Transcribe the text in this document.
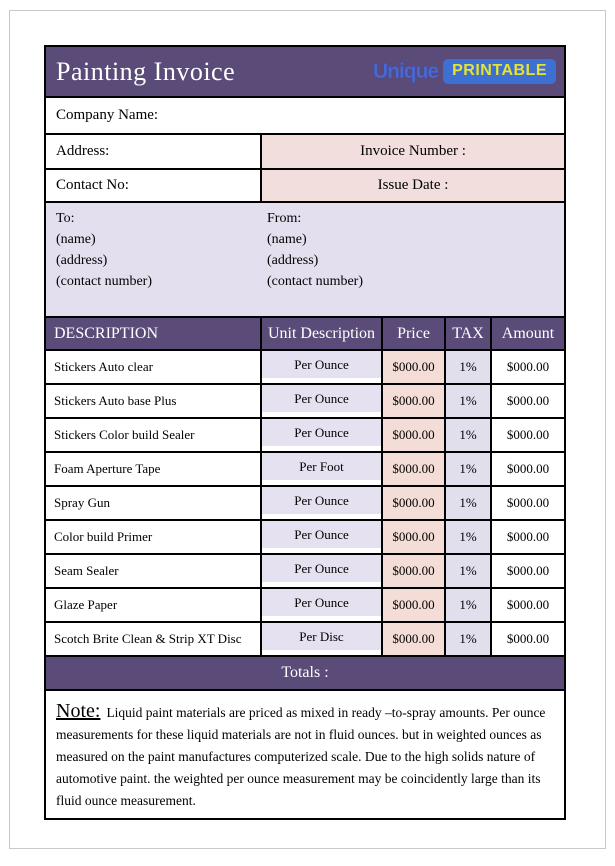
Painting Invoice	Unique PRINTABLE
Company Name:
Address:	Invoice Number :
Contact No:	Issue Date :
To:
(name)
(address)
(contact number)
From:
(name)
(address)
(contact number)
DESCRIPTION	Unit Description	Price	TAX	Amount
Stickers Auto clear	Per Ounce	$000.00	1%	$000.00
Stickers Auto base Plus	Per Ounce	$000.00	1%	$000.00
Stickers Color build Sealer	Per Ounce	$000.00	1%	$000.00
Foam Aperture Tape	Per Foot	$000.00	1%	$000.00
Spray Gun	Per Ounce	$000.00	1%	$000.00
Color build Primer	Per Ounce	$000.00	1%	$000.00
Seam Sealer	Per Ounce	$000.00	1%	$000.00
Glaze Paper	Per Ounce	$000.00	1%	$000.00
Scotch Brite Clean & Strip XT Disc	Per Disc	$000.00	1%	$000.00
Totals :
Note: Liquid paint materials are priced as mixed in ready –to-spray amounts. Per ounce measurements for these liquid materials are not in fluid ounces. but in weighted ounces as measured on the paint manufactures computerized scale. Due to the high solids nature of automotive paint. the weighted per ounce measurement may be coincidently large than its fluid ounce measurement.
